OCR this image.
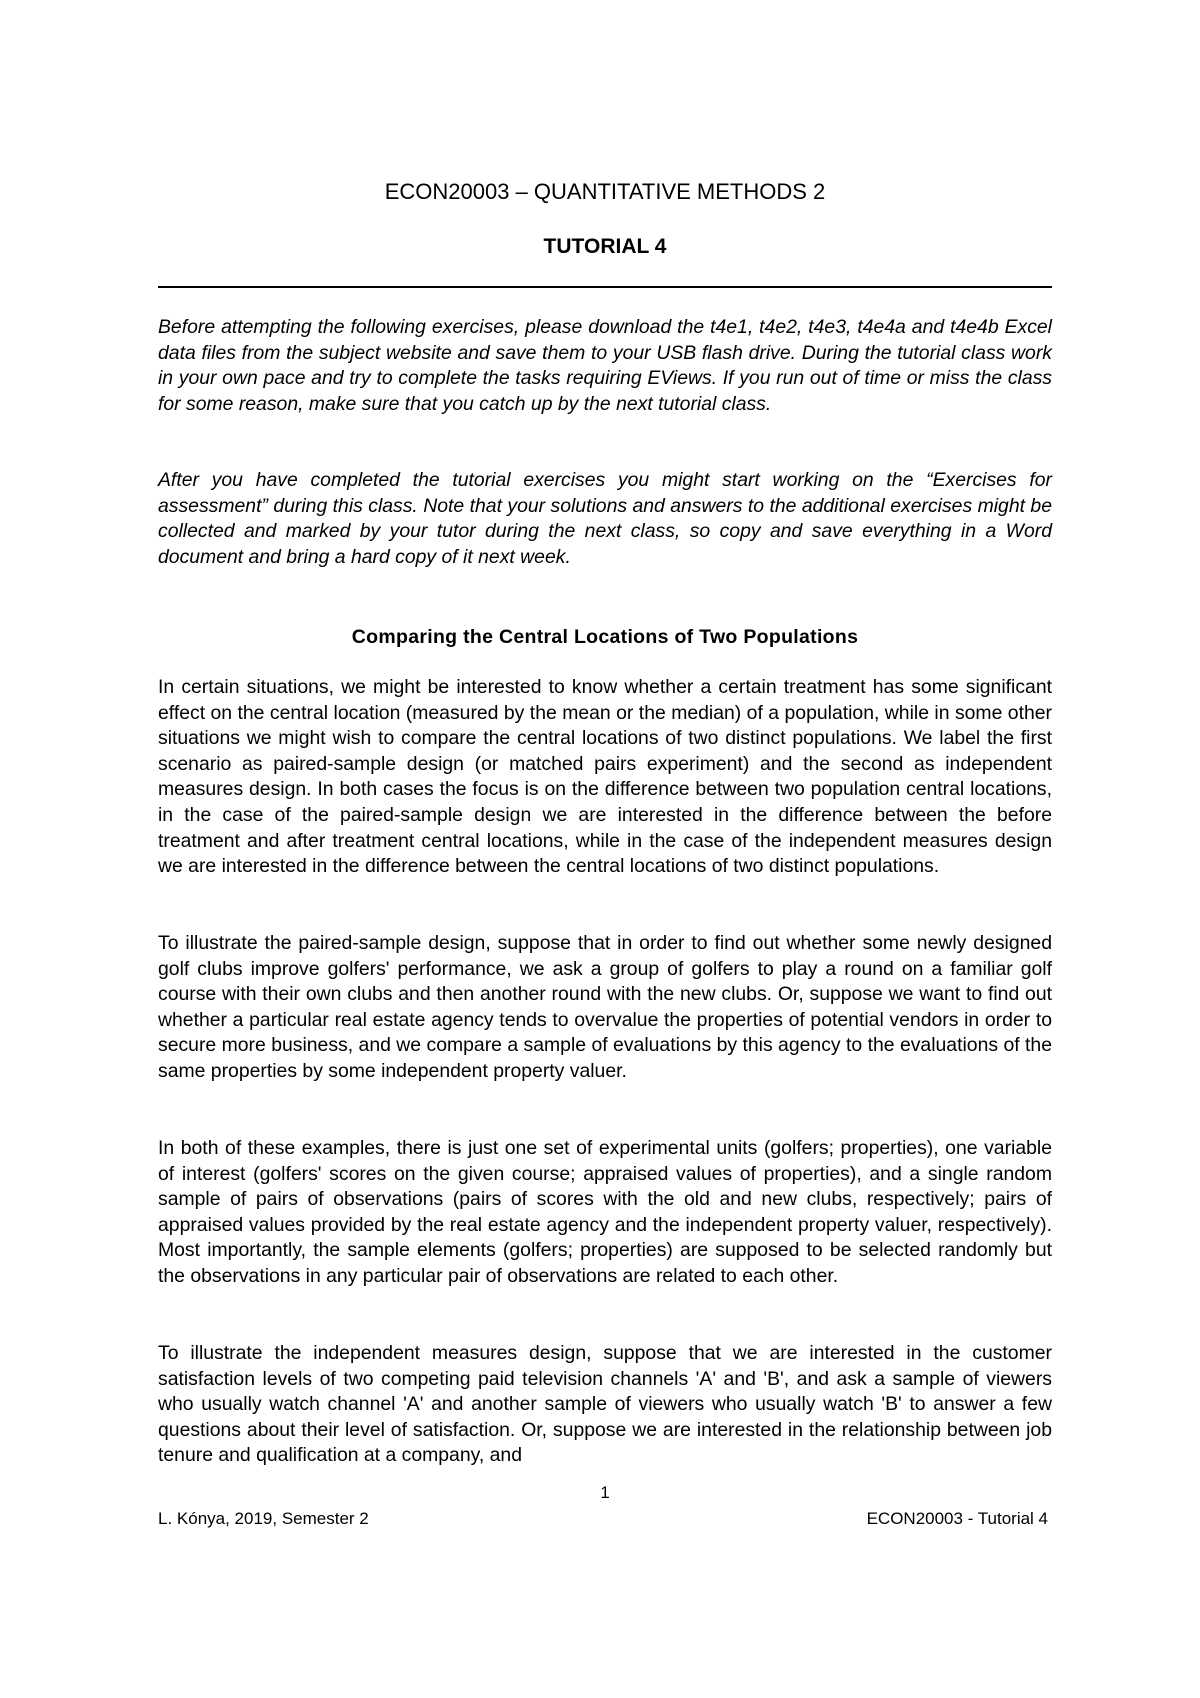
ECON20003 – QUANTITATIVE METHODS 2
TUTORIAL 4

Before attempting the following exercises, please download the t4e1, t4e2, t4e3, t4e4a and t4e4b Excel data files from the subject website and save them to your USB flash drive. During the tutorial class work in your own pace and try to complete the tasks requiring EViews. If you run out of time or miss the class for some reason, make sure that you catch up by the next tutorial class.

After you have completed the tutorial exercises you might start working on the “Exercises for assessment” during this class. Note that your solutions and answers to the additional exercises might be collected and marked by your tutor during the next class, so copy and save everything in a Word document and bring a hard copy of it next week.

Comparing the Central Locations of Two Populations

In certain situations, we might be interested to know whether a certain treatment has some significant effect on the central location (measured by the mean or the median) of a population, while in some other situations we might wish to compare the central locations of two distinct populations. We label the first scenario as paired-sample design (or matched pairs experiment) and the second as independent measures design. In both cases the focus is on the difference between two population central locations, in the case of the paired-sample design we are interested in the difference between the before treatment and after treatment central locations, while in the case of the independent measures design we are interested in the difference between the central locations of two distinct populations.

To illustrate the paired-sample design, suppose that in order to find out whether some newly designed golf clubs improve golfers' performance, we ask a group of golfers to play a round on a familiar golf course with their own clubs and then another round with the new clubs. Or, suppose we want to find out whether a particular real estate agency tends to overvalue the properties of potential vendors in order to secure more business, and we compare a sample of evaluations by this agency to the evaluations of the same properties by some independent property valuer.

In both of these examples, there is just one set of experimental units (golfers; properties), one variable of interest (golfers' scores on the given course; appraised values of properties), and a single random sample of pairs of observations (pairs of scores with the old and new clubs, respectively; pairs of appraised values provided by the real estate agency and the independent property valuer, respectively). Most importantly, the sample elements (golfers; properties) are supposed to be selected randomly but the observations in any particular pair of observations are related to each other.

To illustrate the independent measures design, suppose that we are interested in the customer satisfaction levels of two competing paid television channels 'A' and 'B', and ask a sample of viewers who usually watch channel 'A' and another sample of viewers who usually watch 'B' to answer a few questions about their level of satisfaction. Or, suppose we are interested in the relationship between job tenure and qualification at a company, and

1
L. Kónya, 2019, Semester 2	ECON20003 - Tutorial 4
